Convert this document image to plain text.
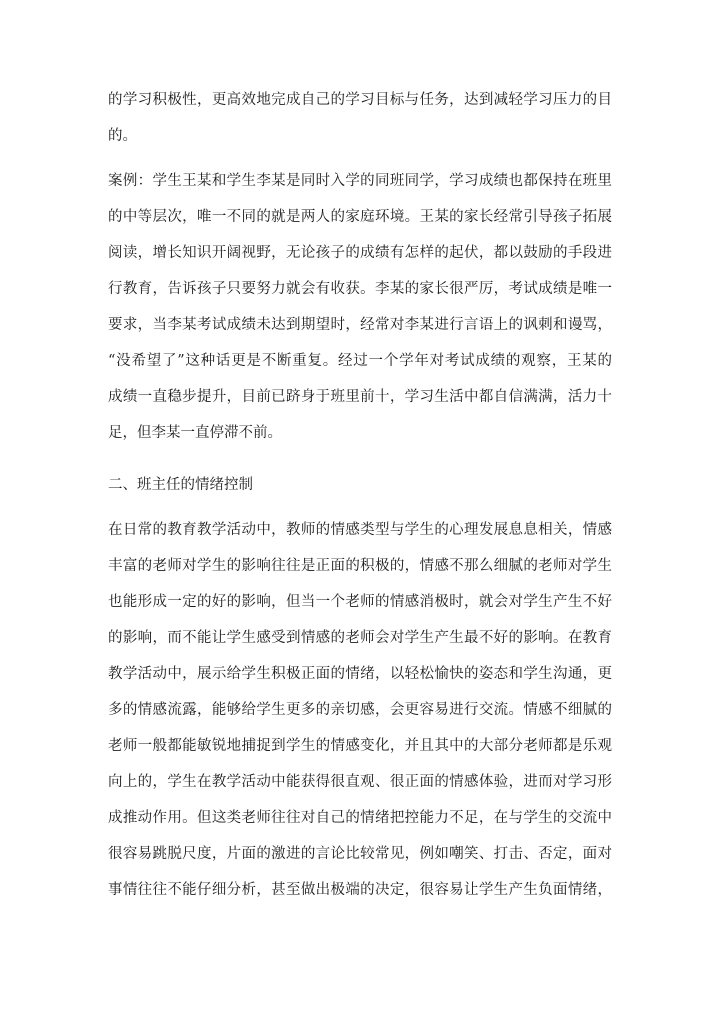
的学习积极性，更高效地完成自己的学习目标与任务，达到减轻学习压力的目
的。
案例：学生王某和学生李某是同时入学的同班同学，学习成绩也都保持在班里
的中等层次，唯一不同的就是两人的家庭环境。王某的家长经常引导孩子拓展
阅读，增长知识开阔视野，无论孩子的成绩有怎样的起伏，都以鼓励的手段进
行教育，告诉孩子只要努力就会有收获。李某的家长很严厉，考试成绩是唯一
要求，当李某考试成绩未达到期望时，经常对李某进行言语上的讽刺和谩骂，
“没希望了”这种话更是不断重复。经过一个学年对考试成绩的观察，王某的
成绩一直稳步提升，目前已跻身于班里前十，学习生活中都自信满满，活力十
足，但李某一直停滞不前。
二、班主任的情绪控制
在日常的教育教学活动中，教师的情感类型与学生的心理发展息息相关，情感
丰富的老师对学生的影响往往是正面的积极的，情感不那么细腻的老师对学生
也能形成一定的好的影响，但当一个老师的情感消极时，就会对学生产生不好
的影响，而不能让学生感受到情感的老师会对学生产生最不好的影响。在教育
教学活动中，展示给学生积极正面的情绪，以轻松愉快的姿态和学生沟通，更
多的情感流露，能够给学生更多的亲切感，会更容易进行交流。情感不细腻的
老师一般都能敏锐地捕捉到学生的情感变化，并且其中的大部分老师都是乐观
向上的，学生在教学活动中能获得很直观、很正面的情感体验，进而对学习形
成推动作用。但这类老师往往对自己的情绪把控能力不足，在与学生的交流中
很容易跳脱尺度，片面的激进的言论比较常见，例如嘲笑、打击、否定，面对
事情往往不能仔细分析，甚至做出极端的决定，很容易让学生产生负面情绪，
